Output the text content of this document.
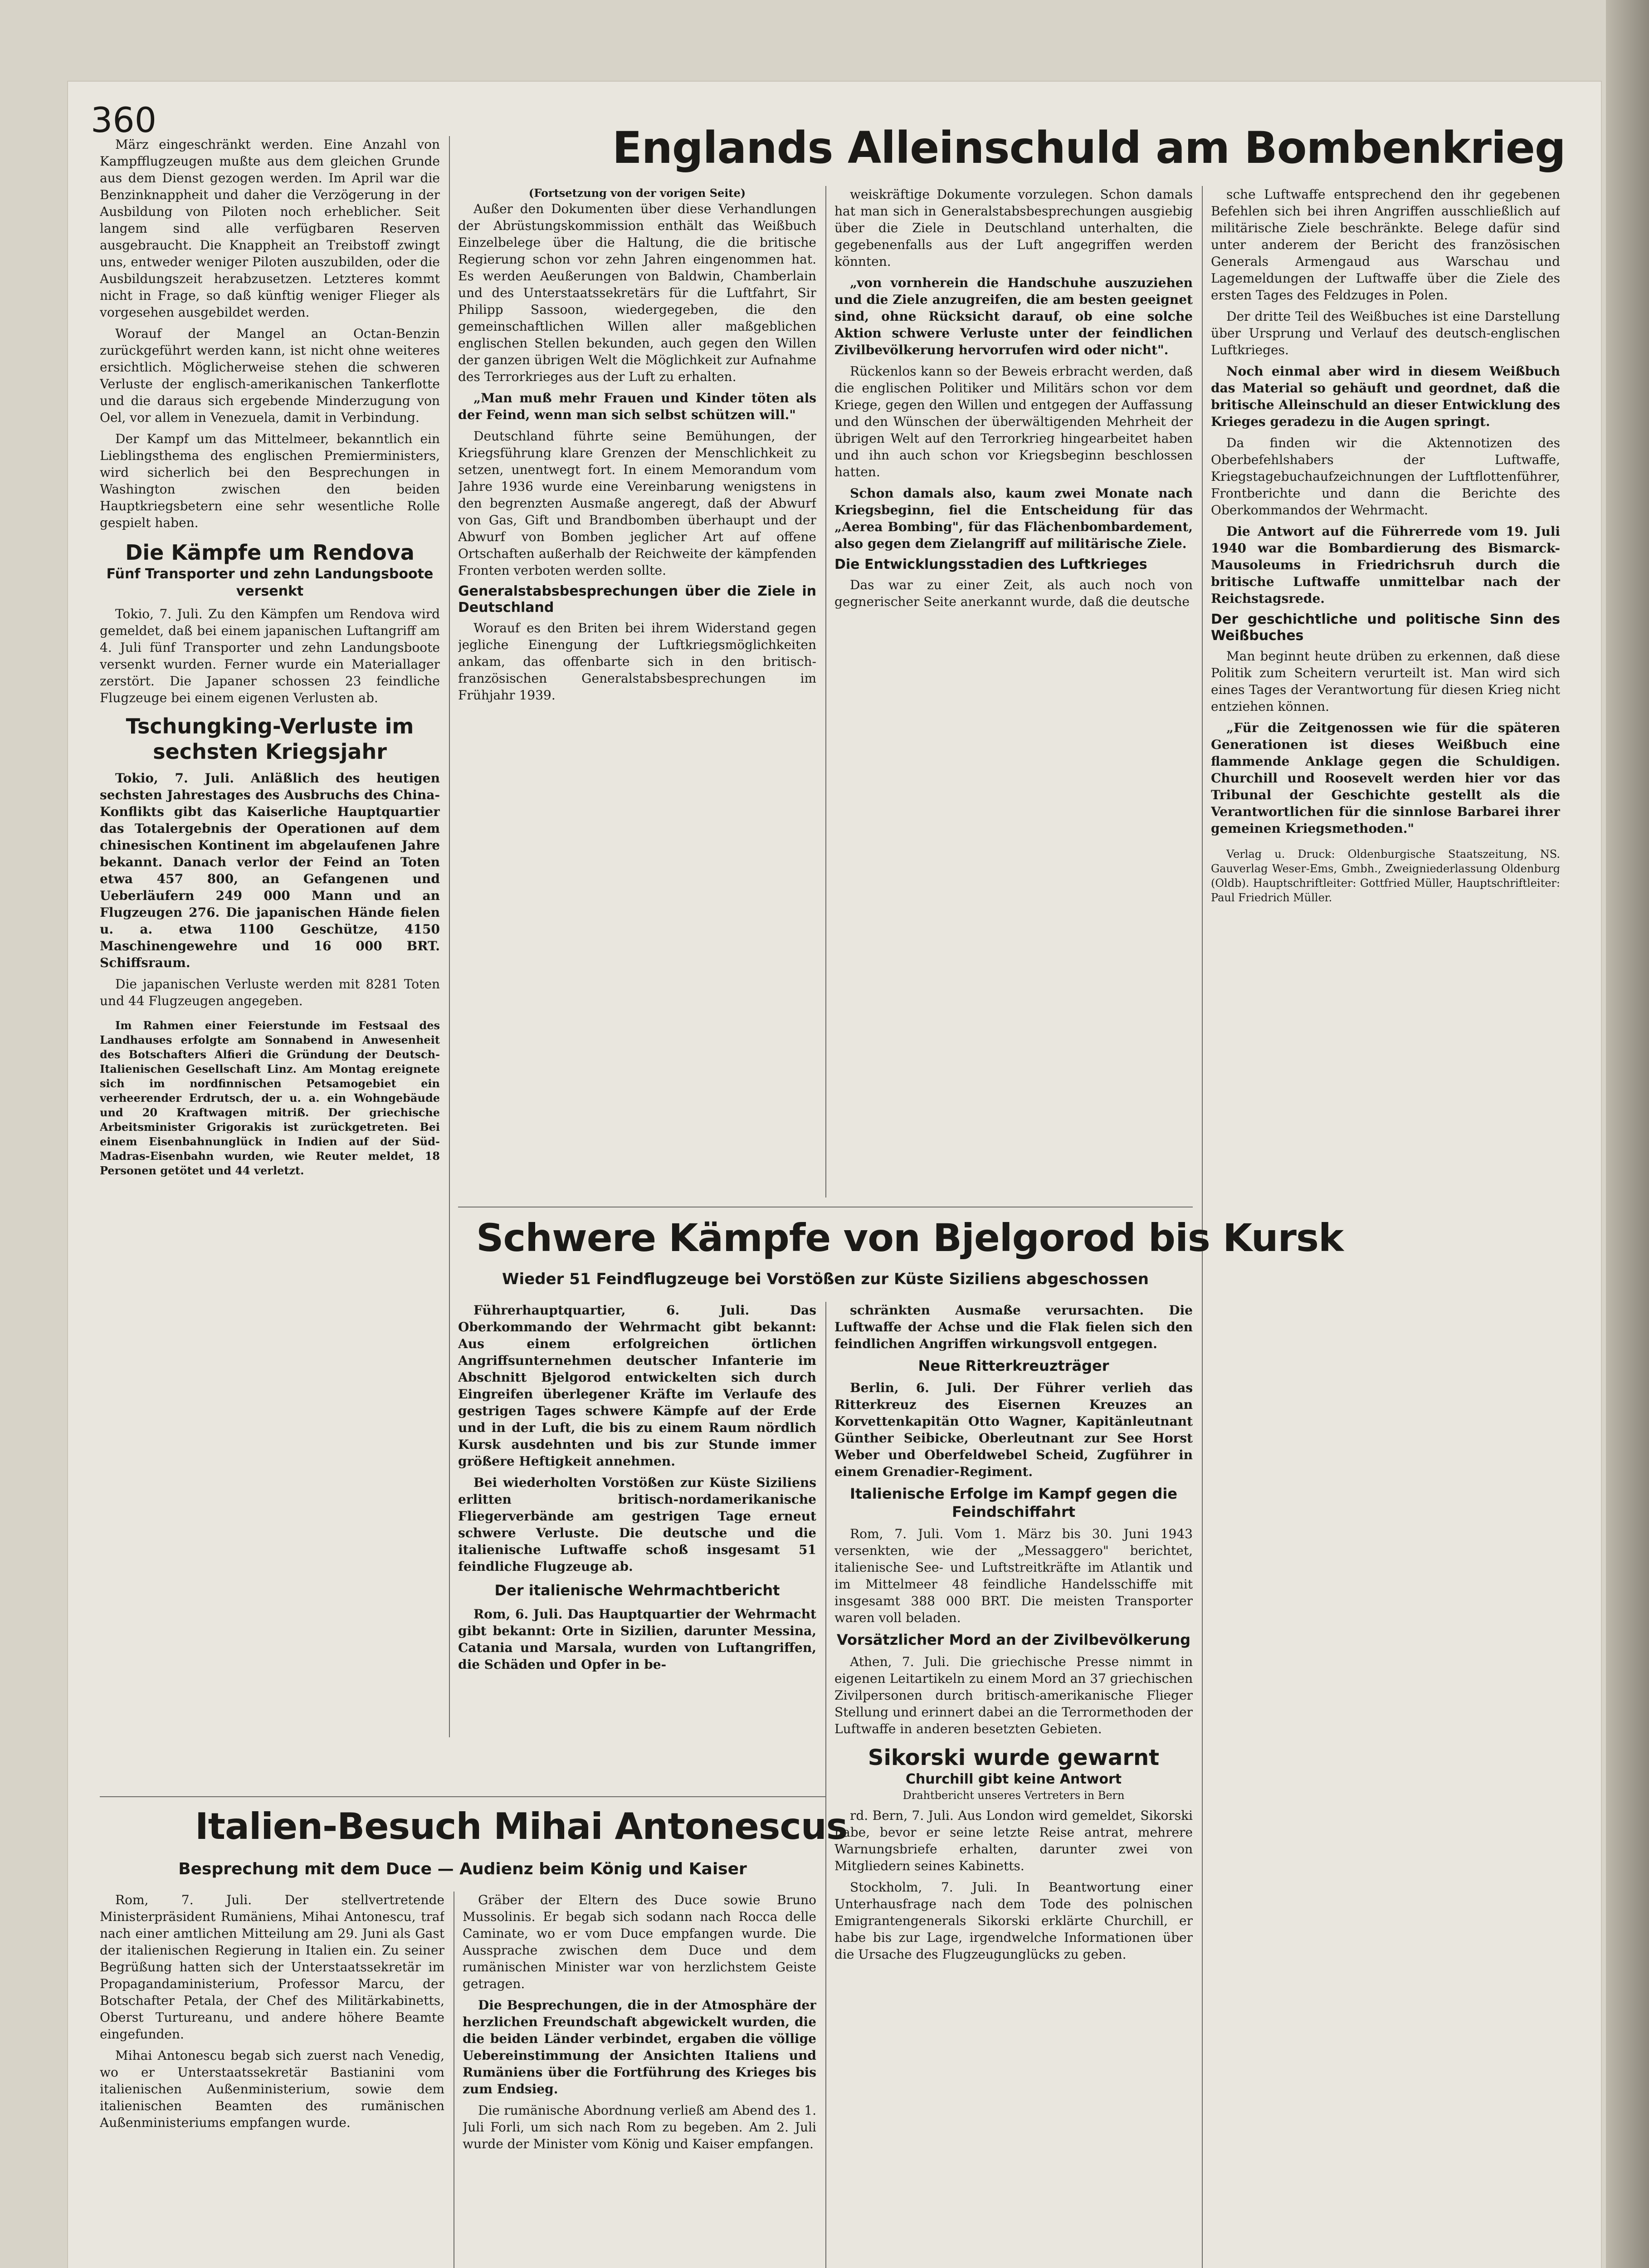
360
Englands Alleinschuld am Bombenkrieg

März eingeschränkt werden. Eine Anzahl von Kampfflugzeugen mußte aus dem gleichen Grunde aus dem Dienst gezogen werden. Im April war die Benzinknappheit und daher die Verzögerung in der Ausbildung von Piloten noch erheblicher. Seit langem sind alle verfügbaren Reserven ausgebraucht. Die Knappheit an Treibstoff zwingt uns, entweder weniger Piloten auszubilden, oder die Ausbildungszeit herabzusetzen. Letzteres kommt nicht in Frage, so daß künftig weniger Flieger als vorgesehen ausgebildet werden.

Worauf der Mangel an Octan-Benzin zurückgeführt werden kann, ist nicht ohne weiteres ersichtlich. Möglicherweise stehen die schweren Verluste der englisch-amerikanischen Tankerflotte und die daraus sich ergebende Minderzugung von Oel, vor allem in Venezuela, damit in Verbindung.

Der Kampf um das Mittelmeer, bekanntlich ein Lieblingsthema des englischen Premierministers, wird sicherlich bei den Besprechungen in Washington zwischen den beiden Hauptkriegsbetern eine sehr wesentliche Rolle gespielt haben.

Die Kämpfe um Rendova
Fünf Transporter und zehn Landungsboote versenkt

Tokio, 7. Juli. Zu den Kämpfen um Rendova wird gemeldet, daß bei einem japanischen Luftangriff am 4. Juli fünf Transporter und zehn Landungsboote versenkt wurden. Ferner wurde ein Materiallager zerstört. Die Japaner schossen 23 feindliche Flugzeuge bei einem eigenen Verlusten ab.

Tschungking-Verluste im sechsten Kriegsjahr

Tokio, 7. Juli. Anläßlich des heutigen sechsten Jahrestages des Ausbruchs des China-Konflikts gibt das Kaiserliche Hauptquartier das Totalergebnis der Operationen auf dem chinesischen Kontinent im abgelaufenen Jahre bekannt. Danach verlor der Feind an Toten etwa 457 800, an Gefangenen und Ueberläufern 249 000 Mann und an Flugzeugen 276. Die japanischen Hände fielen u. a. etwa 1100 Geschütze, 4150 Maschinengewehre und 16 000 BRT. Schiffsraum.

Die japanischen Verluste werden mit 8281 Toten und 44 Flugzeugen angegeben.

Im Rahmen einer Feierstunde im Festsaal des Landhauses erfolgte am Sonnabend in Anwesenheit des Botschafters Alfieri die Gründung der Deutsch-Italienischen Gesellschaft Linz. Am Montag ereignete sich im nordfinnischen Petsamogebiet ein verheerender Erdrutsch, der u. a. ein Wohngebäude und 20 Kraftwagen mitriß. Der griechische Arbeitsminister Grigorakis ist zurückgetreten. Bei einem Eisenbahnunglück in Indien auf der Süd-Madras-Eisenbahn wurden, wie Reuter meldet, 18 Personen getötet und 44 verletzt.

(Fortsetzung von der vorigen Seite)

Außer den Dokumenten über diese Verhandlungen der Abrüstungskommission enthält das Weißbuch Einzelbelege über die Haltung, die die britische Regierung schon vor zehn Jahren eingenommen hat. Es werden Aeußerungen von Baldwin, Chamberlain und des Unterstaatssekretärs für die Luftfahrt, Sir Philipp Sassoon, wiedergegeben, die den gemeinschaftlichen Willen aller maßgeblichen englischen Stellen bekunden, auch gegen den Willen der ganzen übrigen Welt die Möglichkeit zur Aufnahme des Terrorkrieges aus der Luft zu erhalten.

„Man muß mehr Frauen und Kinder töten als der Feind, wenn man sich selbst schützen will."

Deutschland führte seine Bemühungen, der Kriegsführung klare Grenzen der Menschlichkeit zu setzen, unentwegt fort. In einem Memorandum vom Jahre 1936 wurde eine Vereinbarung wenigstens in den begrenzten Ausmaße angeregt, daß der Abwurf von Gas, Gift und Brandbomben überhaupt und der Abwurf von Bomben jeglicher Art auf offene Ortschaften außerhalb der Reichweite der kämpfenden Fronten verboten werden sollte.

Generalstabsbesprechungen über die Ziele in Deutschland

Worauf es den Briten bei ihrem Widerstand gegen jegliche Einengung der Luftkriegsmöglichkeiten ankam, das offenbarte sich in den britisch-französischen Generalstabsbesprechungen im Frühjahr 1939.

weiskräftige Dokumente vorzulegen. Schon damals hat man sich in Generalstabsbesprechungen ausgiebig über die Ziele in Deutschland unterhalten, die gegebenenfalls aus der Luft angegriffen werden könnten.

„von vornherein die Handschuhe auszuziehen und die Ziele anzugreifen, die am besten geeignet sind, ohne Rücksicht darauf, ob eine solche Aktion schwere Verluste unter der feindlichen Zivilbevölkerung hervorrufen wird oder nicht".

Rückenlos kann so der Beweis erbracht werden, daß die englischen Politiker und Militärs schon vor dem Kriege, gegen den Willen und entgegen der Auffassung und den Wünschen der überwältigenden Mehrheit der übrigen Welt auf den Terrorkrieg hingearbeitet haben und ihn auch schon vor Kriegsbeginn beschlossen hatten.

Schon damals also, kaum zwei Monate nach Kriegsbeginn, fiel die Entscheidung für das „Aerea Bombing", für das Flächenbombardement, also gegen dem Zielangriff auf militärische Ziele.

Die Entwicklungsstadien des Luftkrieges

Das war zu einer Zeit, als auch noch von gegnerischer Seite anerkannt wurde, daß die deutsche

sche Luftwaffe entsprechend den ihr gegebenen Befehlen sich bei ihren Angriffen ausschließlich auf militärische Ziele beschränkte. Belege dafür sind unter anderem der Bericht des französischen Generals Armengaud aus Warschau und Lagemeldungen der Luftwaffe über die Ziele des ersten Tages des Feldzuges in Polen.

Der dritte Teil des Weißbuches ist eine Darstellung über Ursprung und Verlauf des deutsch-englischen Luftkrieges.

Noch einmal aber wird in diesem Weißbuch das Material so gehäuft und geordnet, daß die britische Alleinschuld an dieser Entwicklung des Krieges geradezu in die Augen springt.

Da finden wir die Aktennotizen des Oberbefehlshabers der Luftwaffe, Kriegstagebuchaufzeichnungen der Luftflottenführer, Frontberichte und dann die Berichte des Oberkommandos der Wehrmacht.

Die Antwort auf die Führerrede vom 19. Juli 1940 war die Bombardierung des Bismarck-Mausoleums in Friedrichsruh durch die britische Luftwaffe unmittelbar nach der Reichstagsrede.

Der geschichtliche und politische Sinn des Weißbuches

Man beginnt heute drüben zu erkennen, daß diese Politik zum Scheitern verurteilt ist. Man wird sich eines Tages der Verantwortung für diesen Krieg nicht entziehen können.

„Für die Zeitgenossen wie für die späteren Generationen ist dieses Weißbuch eine flammende Anklage gegen die Schuldigen. Churchill und Roosevelt werden hier vor das Tribunal der Geschichte gestellt als die Verantwortlichen für die sinnlose Barbarei ihrer gemeinen Kriegsmethoden."

Verlag u. Druck: Oldenburgische Staatszeitung, NS. Gauverlag Weser-Ems, Gmbh., Zweigniederlassung Oldenburg (Oldb). Hauptschriftleiter: Gottfried Müller, Hauptschriftleiter: Paul Friedrich Müller.

Schwere Kämpfe von Bjelgorod bis Kursk
Wieder 51 Feindflugzeuge bei Vorstößen zur Küste Siziliens abgeschossen

Führerhauptquartier, 6. Juli. Das Oberkommando der Wehrmacht gibt bekannt: Aus einem erfolgreichen örtlichen Angriffsunternehmen deutscher Infanterie im Abschnitt Bjelgorod entwickelten sich durch Eingreifen überlegener Kräfte im Verlaufe des gestrigen Tages schwere Kämpfe auf der Erde und in der Luft, die bis zu einem Raum nördlich Kursk ausdehnten und bis zur Stunde immer größere Heftigkeit annehmen.

Bei wiederholten Vorstößen zur Küste Siziliens erlitten britisch-nordamerikanische Fliegerverbände am gestrigen Tage erneut schwere Verluste. Die deutsche und die italienische Luftwaffe schoß insgesamt 51 feindliche Flugzeuge ab.

Der italienische Wehrmachtbericht

Rom, 6. Juli. Das Hauptquartier der Wehrmacht gibt bekannt: Orte in Sizilien, darunter Messina, Catania und Marsala, wurden von Luftangriffen, die Schäden und Opfer in be-

schränkten Ausmaße verursachten. Die Luftwaffe der Achse und die Flak fielen sich den feindlichen Angriffen wirkungsvoll entgegen.

Neue Ritterkreuzträger

Berlin, 6. Juli. Der Führer verlieh das Ritterkreuz des Eisernen Kreuzes an Korvettenkapitän Otto Wagner, Kapitänleutnant Günther Seibicke, Oberleutnant zur See Horst Weber und Oberfeldwebel Scheid, Zugführer in einem Grenadier-Regiment.

Italienische Erfolge im Kampf gegen die Feindschiffahrt

Rom, 7. Juli. Vom 1. März bis 30. Juni 1943 versenkten, wie der „Messaggero" berichtet, italienische See- und Luftstreitkräfte im Atlantik und im Mittelmeer 48 feindliche Handelsschiffe mit insgesamt 388 000 BRT. Die meisten Transporter waren voll beladen.

Vorsätzlicher Mord an der Zivilbevölkerung

Athen, 7. Juli. Die griechische Presse nimmt in eigenen Leitartikeln zu einem Mord an 37 griechischen Zivilpersonen durch britisch-amerikanische Flieger Stellung und erinnert dabei an die Terrormethoden der Luftwaffe in anderen besetzten Gebieten.

Sikorski wurde gewarnt
Churchill gibt keine Antwort
Drahtbericht unseres Vertreters in Bern

rd. Bern, 7. Juli. Aus London wird gemeldet, Sikorski habe, bevor er seine letzte Reise antrat, mehrere Warnungsbriefe erhalten, darunter zwei von Mitgliedern seines Kabinetts.

Stockholm, 7. Juli. In Beantwortung einer Unterhausfrage nach dem Tode des polnischen Emigrantengenerals Sikorski erklärte Churchill, er habe bis zur Lage, irgendwelche Informationen über die Ursache des Flugzeugunglücks zu geben.

Italien-Besuch Mihai Antonescus
Besprechung mit dem Duce — Audienz beim König und Kaiser

Rom, 7. Juli. Der stellvertretende Ministerpräsident Rumäniens, Mihai Antonescu, traf nach einer amtlichen Mitteilung am 29. Juni als Gast der italienischen Regierung in Italien ein. Zu seiner Begrüßung hatten sich der Unterstaatssekretär im Propagandaministerium, Professor Marcu, der Botschafter Petala, der Chef des Militärkabinetts, Oberst Turtureanu, und andere höhere Beamte eingefunden.

Mihai Antonescu begab sich zuerst nach Venedig, wo er Unterstaatssekretär Bastianini vom italienischen Außenministerium, sowie dem italienischen Beamten des rumänischen Außenministeriums empfangen wurde.

Gräber der Eltern des Duce sowie Bruno Mussolinis. Er begab sich sodann nach Rocca delle Caminate, wo er vom Duce empfangen wurde. Die Aussprache zwischen dem Duce und dem rumänischen Minister war von herzlichstem Geiste getragen.

Die Besprechungen, die in der Atmosphäre der herzlichen Freundschaft abgewickelt wurden, die die beiden Länder verbindet, ergaben die völlige Uebereinstimmung der Ansichten Italiens und Rumäniens über die Fortführung des Krieges bis zum Endsieg.

Die rumänische Abordnung verließ am Abend des 1. Juli Forli, um sich nach Rom zu begeben. Am 2. Juli wurde der Minister vom König und Kaiser empfangen.
